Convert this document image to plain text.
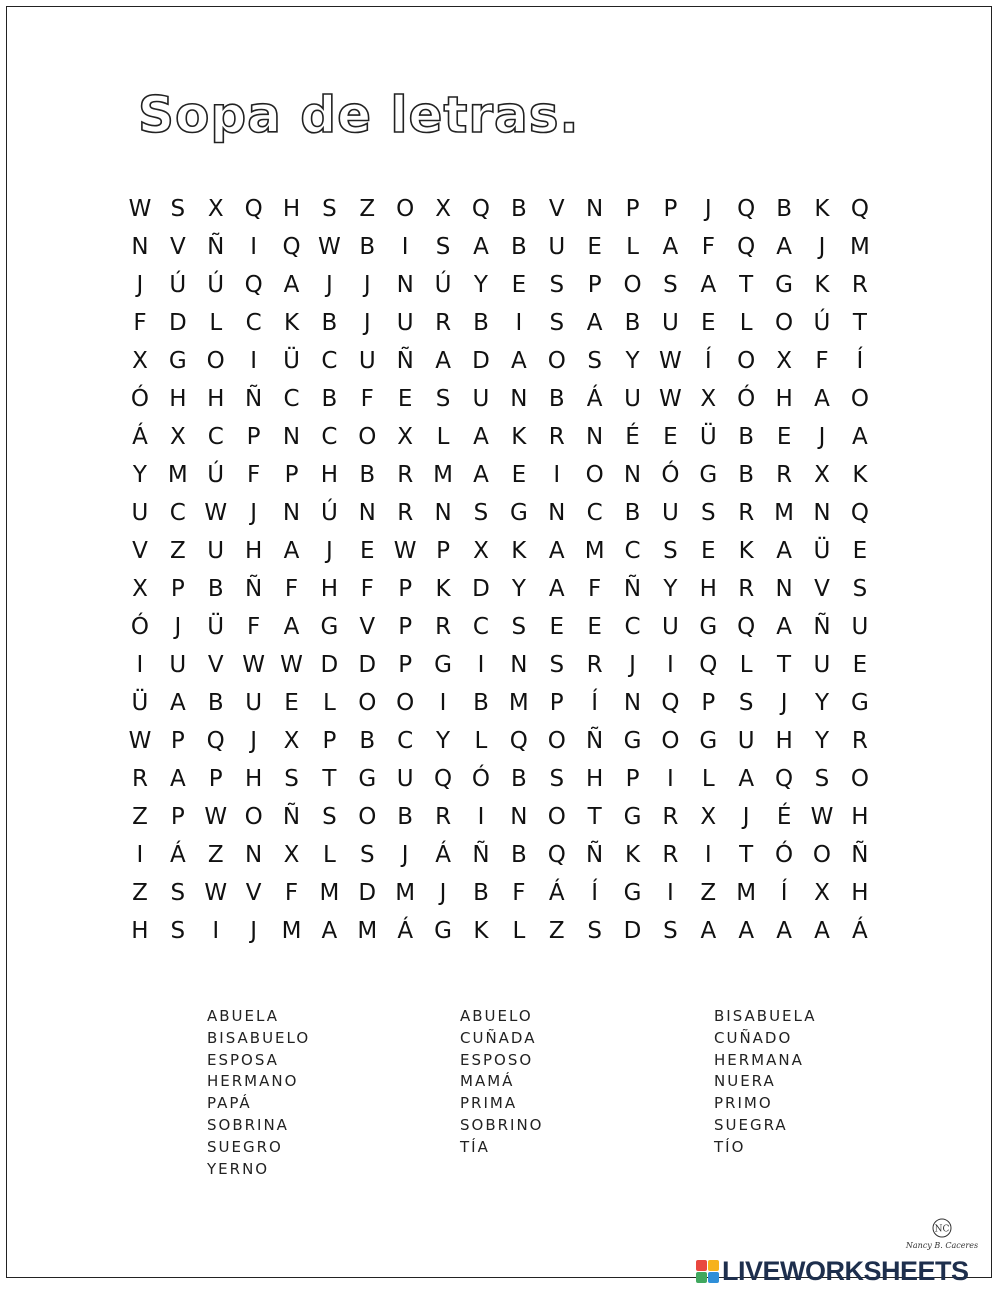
Sopa de letras.
W S X Q H S Z O X Q B V N P	P	J	Q B K Q
N V Ñ	I	Q W B	I	S A B U E	L	A	F Q A	J	M
J	Ú Ú Q A	J	J	N Ú Y	E	S	P O S A T G K R
F D L	C K B	J	U R B	I	S A B U E	L O Ú T
X G O	I	Ü C U Ñ A D A O S	Y W	Í	O X	F	Í
Ó H H Ñ C B	F	E	S U N B Á U W X Ó H A O
Á X C P N C O X	L	A K R N É	E Ü B E	J	A
Y M Ú F	P H B R M A E	I	O N Ó G B R X K
U C W	J	N Ú N R N S G N C B U S R M N Q
V Z U H A	J	E W P	X K A M C S	E	K A Ü E
X	P	B Ñ F H F	P	K D Y	A	F Ñ Y H R N V S
Ó	J	Ü F	A G V	P R C S	E	E C U G Q A Ñ U
I	U V W W D D P G	I	N S R	J	I	Q L	T U E
Ü A B U E	L O O	I	B M P	Í	N Q P	S	J	Y G
W P Q	J	X	P	B C Y	L Q O Ñ G O G U H Y R
R A	P H S	T G U Q Ó B S H P	I	L	A Q S O
Z	P W O Ñ S O B R	I	N O T G R X	J	É W H
I	Á Z N X	L	S	J	Á Ñ B Q Ñ K R	I	T Ó O Ñ
Z S W V	F M D M	J	B	F	Á	Í	G	I	Z M	Í	X H
H S	I	J	M A M Á G K	L	Z S D S A A A A Á
ABUELA
BISABUELO
ESPOSA
HERMANO
PAPÁ
SOBRINA
SUEGRO
YERNO
ABUELO
CUÑADA
ESPOSO
MAMÁ
PRIMA
SOBRINO
TÍA
BISABUELA
CUÑADO
HERMANA
NUERA
PRIMO
SUEGRA
TÍO
NC
Nancy B. Caceres
LIVEWORKSHEETS
